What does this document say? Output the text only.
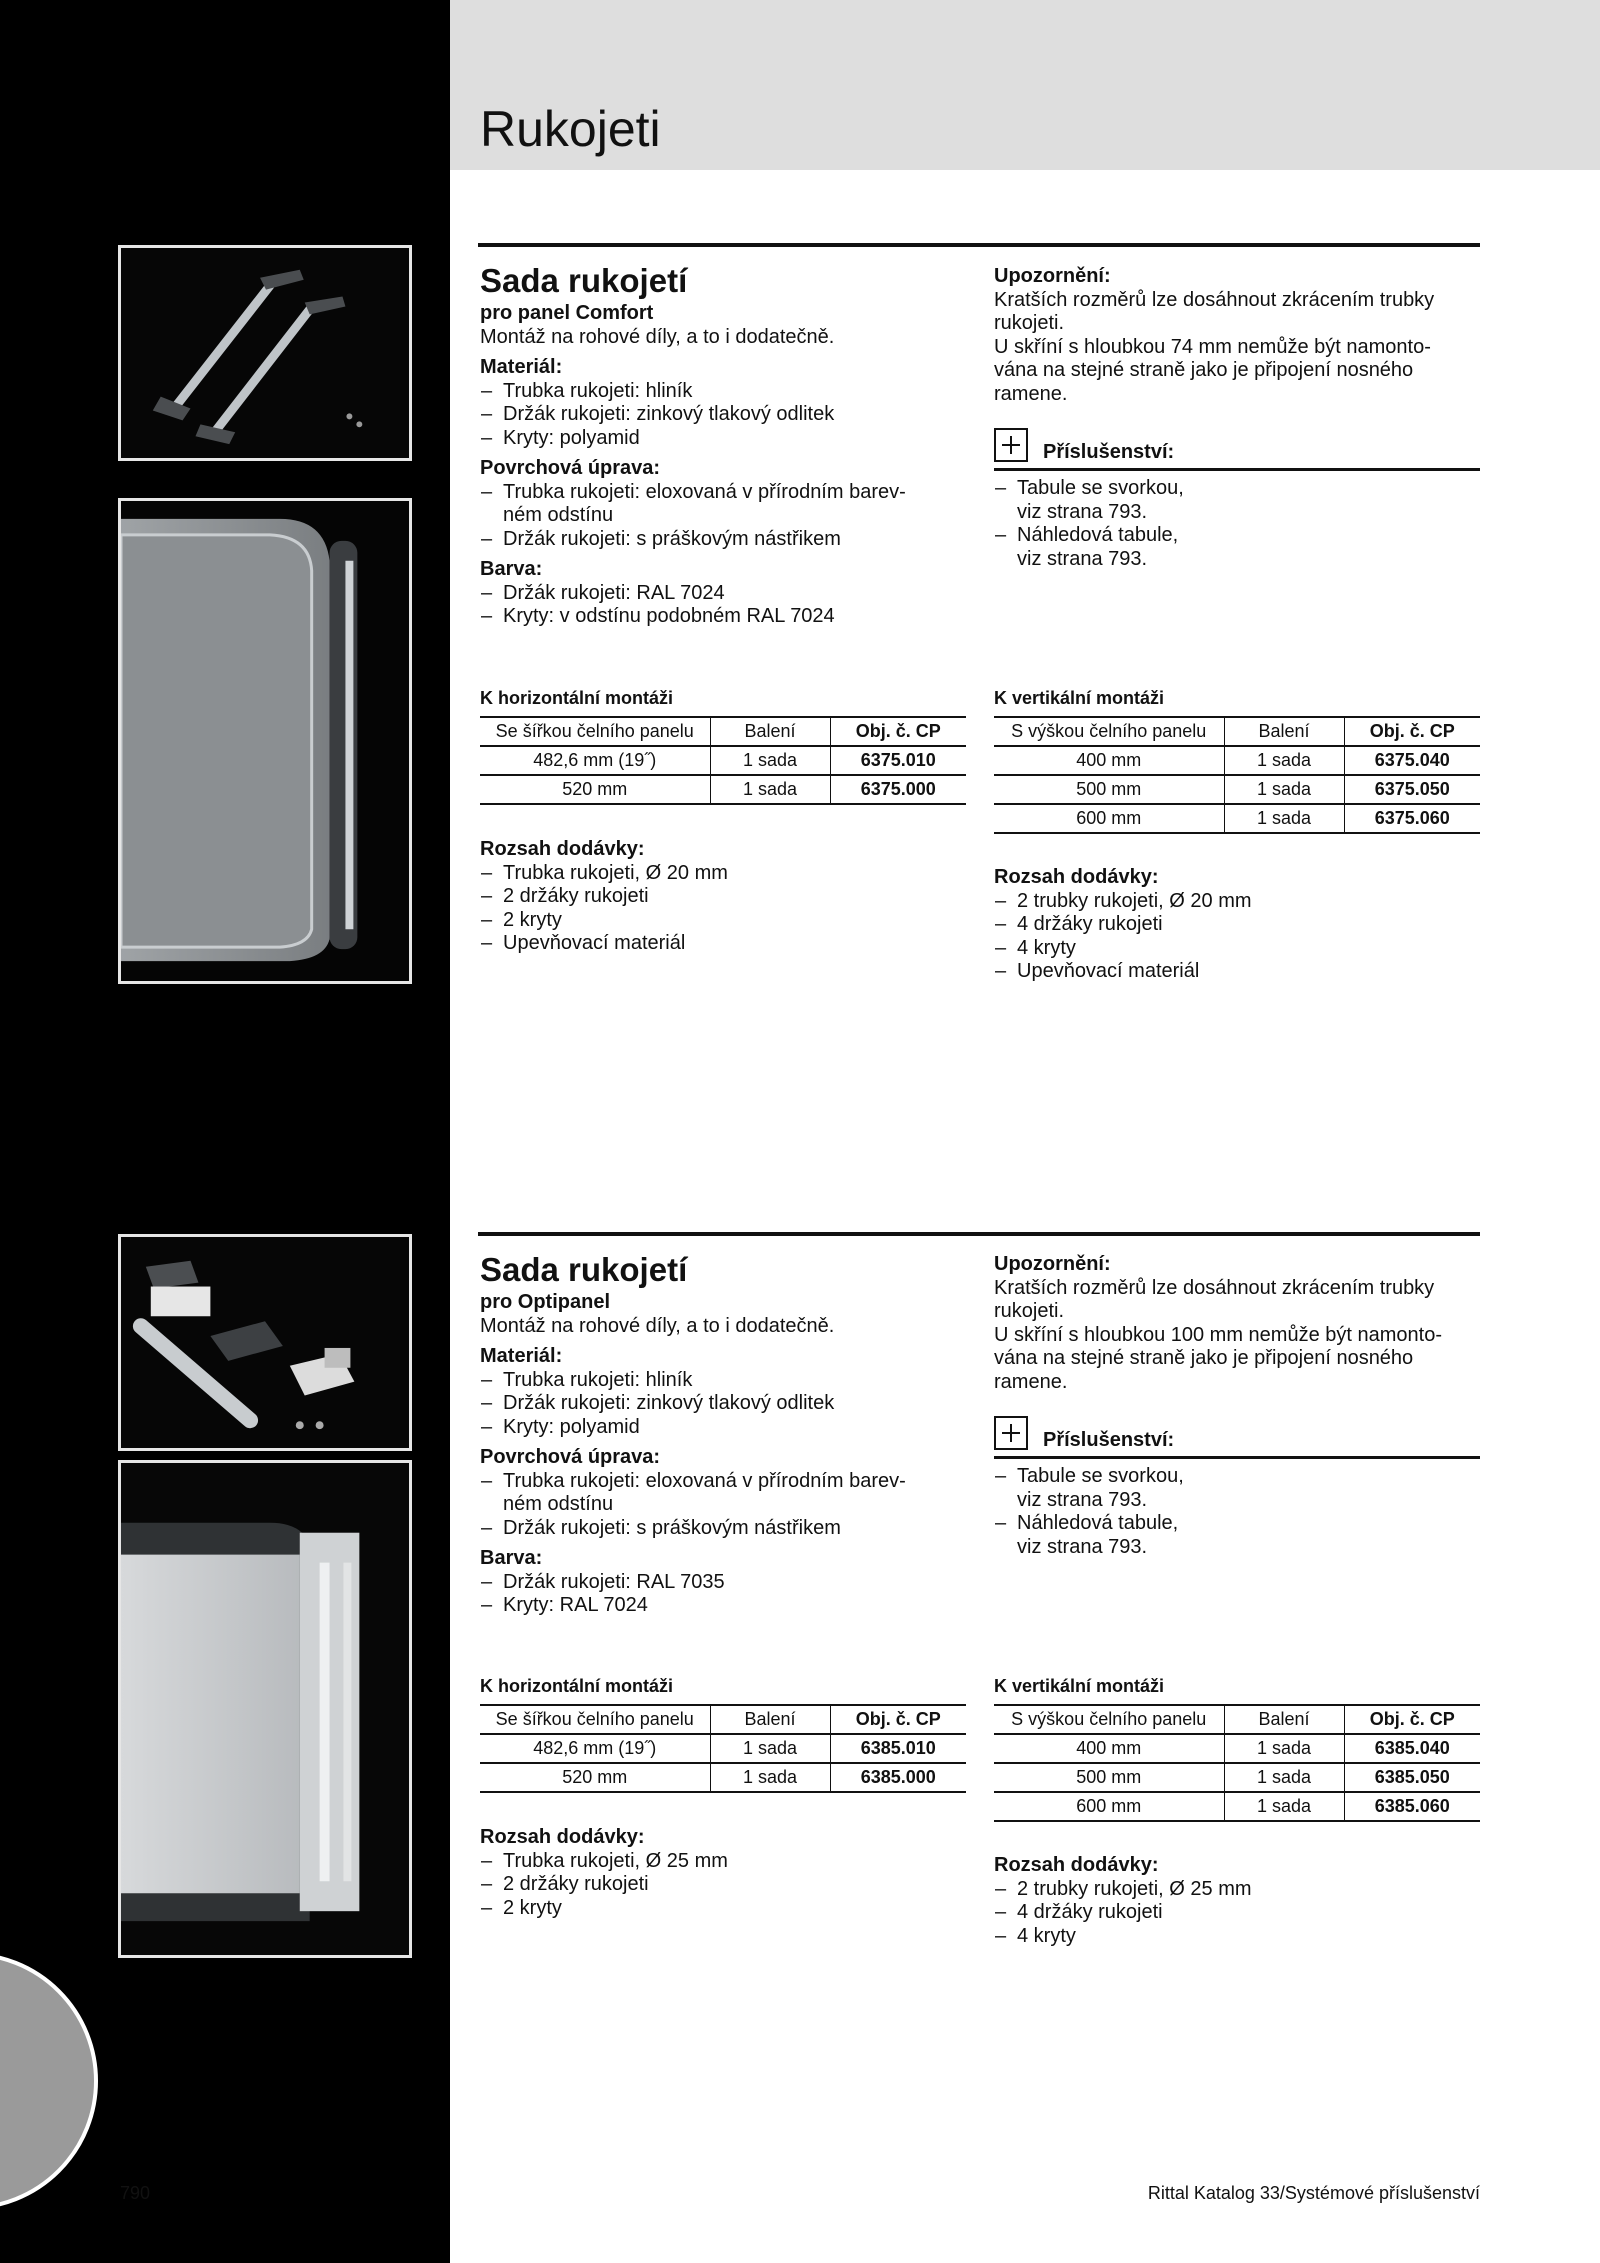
Rukojeti
Sada rukojetí
pro panel Comfort
Montáž na rohové díly, a to i dodatečně.
Materiál:
– Trubka rukojeti: hliník
– Držák rukojeti: zinkový tlakový odlitek
– Kryty: polyamid
Povrchová úprava:
– Trubka rukojeti: eloxovaná v přírodním barev-
ném odstínu
– Držák rukojeti: s práškovým nástřikem
Barva:
– Držák rukojeti: RAL 7024
– Kryty: v odstínu podobném RAL 7024
Upozornění:
Kratších rozměrů lze dosáhnout zkrácením trubky rukojeti.
U skříní s hloubkou 74 mm nemůže být namonto-
vána na stejné straně jako je připojení nosného
ramene.
Příslušenství:
– Tabule se svorkou,
viz strana 793.
– Náhledová tabule,
viz strana 793.
K horizontální montáži
Se šířkou čelního panelu	Balení	Obj. č. CP
482,6 mm (19˝)	1 sada	6375.010
520 mm	1 sada	6375.000
K vertikální montáži
S výškou čelního panelu	Balení	Obj. č. CP
400 mm	1 sada	6375.040
500 mm	1 sada	6375.050
600 mm	1 sada	6375.060
Rozsah dodávky:
– Trubka rukojeti, Ø 20 mm
– 2 držáky rukojeti
– 2 kryty
– Upevňovací materiál
Rozsah dodávky:
– 2 trubky rukojeti, Ø 20 mm
– 4 držáky rukojeti
– 4 kryty
– Upevňovací materiál
Sada rukojetí
pro Optipanel
Montáž na rohové díly, a to i dodatečně.
Materiál:
– Trubka rukojeti: hliník
– Držák rukojeti: zinkový tlakový odlitek
– Kryty: polyamid
Povrchová úprava:
– Trubka rukojeti: eloxovaná v přírodním barev-
ném odstínu
– Držák rukojeti: s práškovým nástřikem
Barva:
– Držák rukojeti: RAL 7035
– Kryty: RAL 7024
Upozornění:
Kratších rozměrů lze dosáhnout zkrácením trubky rukojeti.
U skříní s hloubkou 100 mm nemůže být namonto-
vána na stejné straně jako je připojení nosného
ramene.
Příslušenství:
– Tabule se svorkou,
viz strana 793.
– Náhledová tabule,
viz strana 793.
K horizontální montáži
Se šířkou čelního panelu	Balení	Obj. č. CP
482,6 mm (19˝)	1 sada	6385.010
520 mm	1 sada	6385.000
K vertikální montáži
S výškou čelního panelu	Balení	Obj. č. CP
400 mm	1 sada	6385.040
500 mm	1 sada	6385.050
600 mm	1 sada	6385.060
Rozsah dodávky:
– Trubka rukojeti, Ø 25 mm
– 2 držáky rukojeti
– 2 kryty
Rozsah dodávky:
– 2 trubky rukojeti, Ø 25 mm
– 4 držáky rukojeti
– 4 kryty
790	Rittal Katalog 33/Systémové příslušenství
